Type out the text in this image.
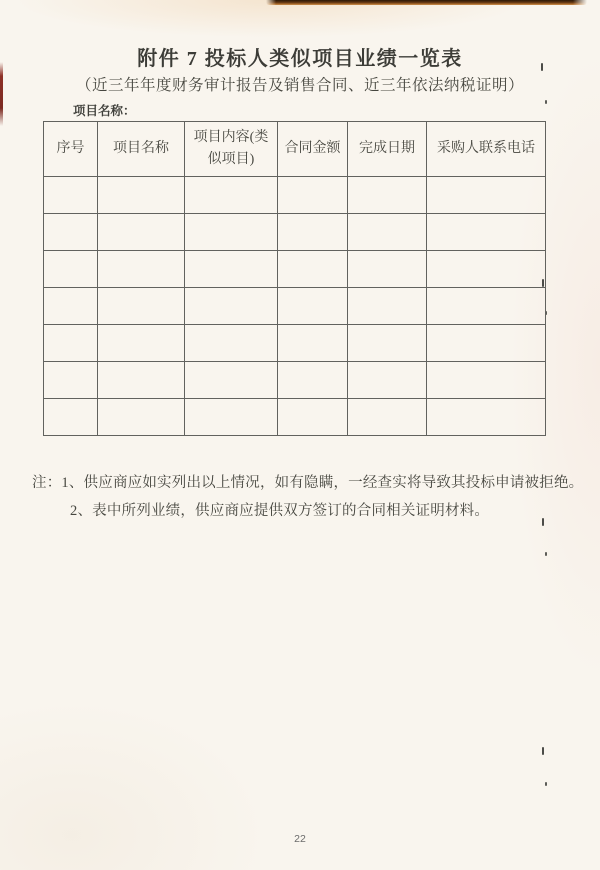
附件 7 投标人类似项目业绩一览表
（近三年年度财务审计报告及销售合同、近三年依法纳税证明）
项目名称：
序号	项目名称	项目内容(类似项目)	合同金额	完成日期	采购人联系电话

注：1、供应商应如实列出以上情况，如有隐瞒，一经查实将导致其投标申请被拒绝。
2、表中所列业绩，供应商应提供双方签订的合同相关证明材料。
22
